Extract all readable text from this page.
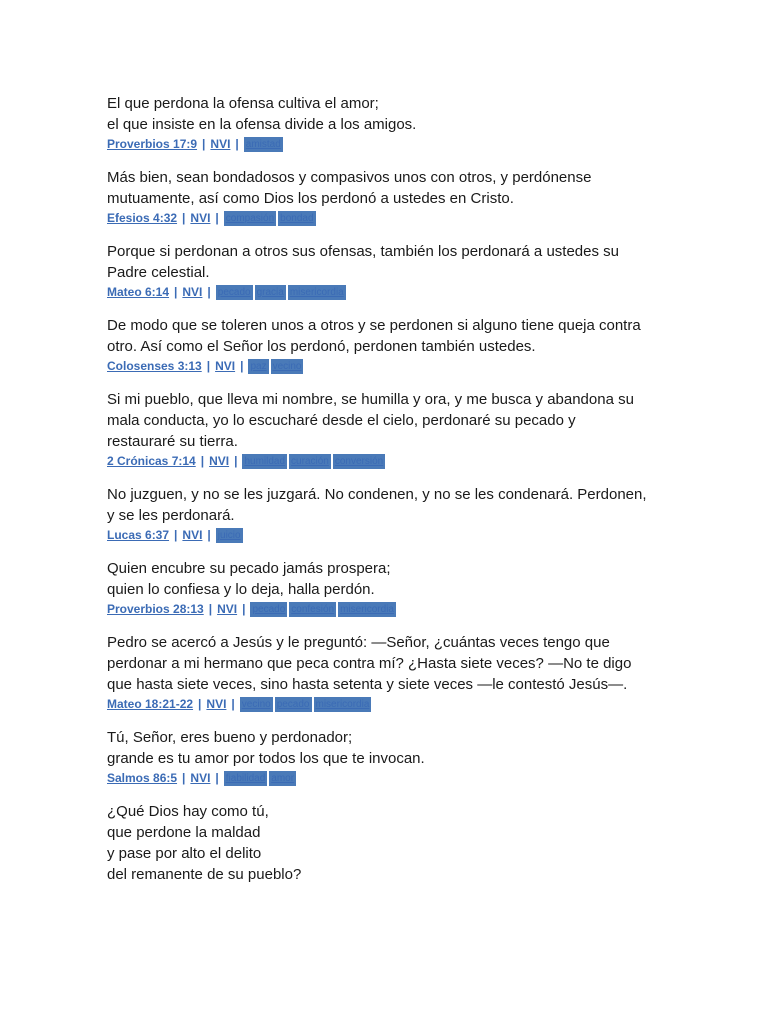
El que perdona la ofensa cultiva el amor;
el que insiste en la ofensa divide a los amigos.

Proverbios 17:9 | NVI | amistad

Más bien, sean bondadosos y compasivos unos con otros, y perdónense
mutuamente, así como Dios los perdonó a ustedes en Cristo.

Efesios 4:32 | NVI | compasión bondad

Porque si perdonan a otros sus ofensas, también los perdonará a ustedes su
Padre celestial.

Mateo 6:14 | NVI | pecado gracia misericordia

De modo que se toleren unos a otros y se perdonen si alguno tiene queja contra
otro. Así como el Señor los perdonó, perdonen también ustedes.

Colosenses 3:13 | NVI | paz vecino

Si mi pueblo, que lleva mi nombre, se humilla y ora, y me busca y abandona su
mala conducta, yo lo escucharé desde el cielo, perdonaré su pecado y
restauraré su tierra.

2 Crónicas 7:14 | NVI | humildad curación conversión

No juzguen, y no se les juzgará. No condenen, y no se les condenará. Perdonen,
y se les perdonará.

Lucas 6:37 | NVI | juicio

Quien encubre su pecado jamás prospera;
quien lo confiesa y lo deja, halla perdón.

Proverbios 28:13 | NVI | pecado confesión misericordia

Pedro se acercó a Jesús y le preguntó: —Señor, ¿cuántas veces tengo que
perdonar a mi hermano que peca contra mí? ¿Hasta siete veces? —No te digo
que hasta siete veces, sino hasta setenta y siete veces —le contestó Jesús—.

Mateo 18:21-22 | NVI | vecino pecado misericordia

Tú, Señor, eres bueno y perdonador;
grande es tu amor por todos los que te invocan.

Salmos 86:5 | NVI | fiabilidad amor

¿Qué Dios hay como tú,
que perdone la maldad
y pase por alto el delito
del remanente de su pueblo?
